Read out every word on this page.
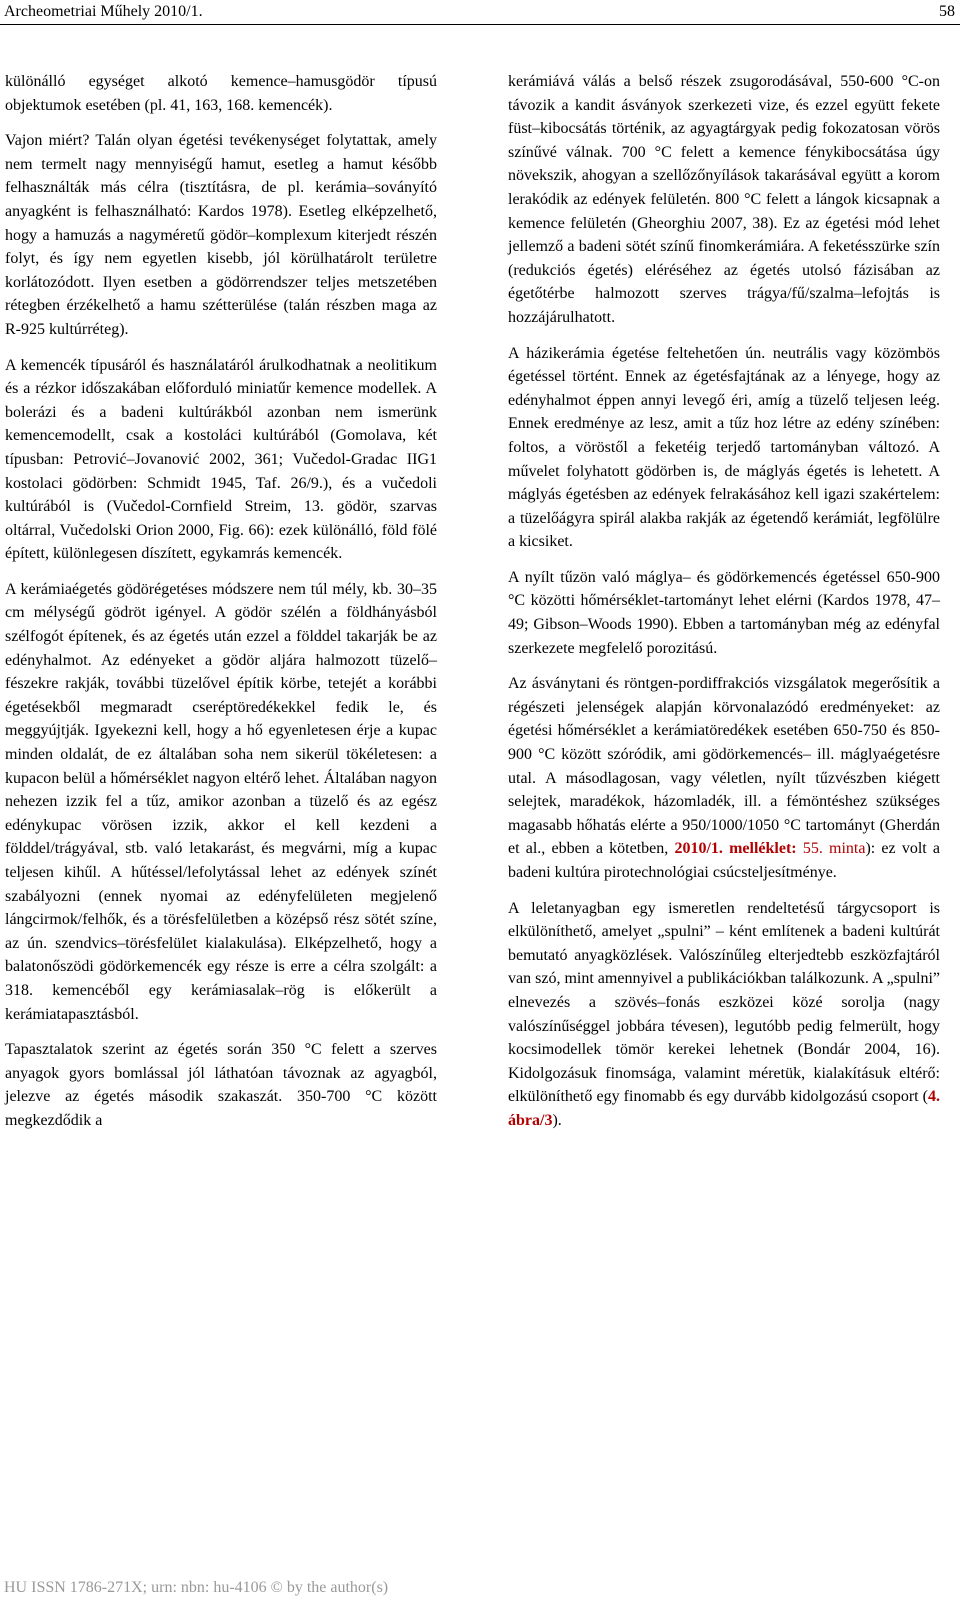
Archeometriai Műhely 2010/1.	58

különálló egységet alkotó kemence–hamusgödör típusú objektumok esetében (pl. 41, 163, 168. kemencék).

Vajon miért? Talán olyan égetési tevékenységet folytattak, amely nem termelt nagy mennyiségű hamut, esetleg a hamut később felhasználták más célra (tisztításra, de pl. kerámia–soványító anyagként is felhasználható: Kardos 1978). Esetleg elképzelhető, hogy a hamuzás a nagyméretű gödör–komplexum kiterjedt részén folyt, és így nem egyetlen kisebb, jól körülhatárolt területre korlátozódott. Ilyen esetben a gödörrendszer teljes metszetében rétegben érzékelhető a hamu szétterülése (talán részben maga az R-925 kultúrréteg).

A kemencék típusáról és használatáról árulkodhatnak a neolitikum és a rézkor időszakában előforduló miniatűr kemence modellek. A bolerázi és a badeni kultúrákból azonban nem ismerünk kemencemodellt, csak a kostoláci kultúrából (Gomolava, két típusban: Petrović–Jovanović 2002, 361; Vučedol-Gradac IIG1 kostolaci gödörben: Schmidt 1945, Taf. 26/9.), és a vučedoli kultúrából is (Vučedol-Cornfield Streim, 13. gödör, szarvas oltárral, Vučedolski Orion 2000, Fig. 66): ezek különálló, föld fölé épített, különlegesen díszített, egykamrás kemencék.

A kerámiaégetés gödörégetéses módszere nem túl mély, kb. 30–35 cm mélységű gödröt igényel. A gödör szélén a földhányásból szélfogót építenek, és az égetés után ezzel a földdel takarják be az edényhalmot. Az edényeket a gödör aljára halmozott tüzelő–fészekre rakják, további tüzelővel építik körbe, tetejét a korábbi égetésekből megmaradt cseréptöredékekkel fedik le, és meggyújtják. Igyekezni kell, hogy a hő egyenletesen érje a kupac minden oldalát, de ez általában soha nem sikerül tökéletesen: a kupacon belül a hőmérséklet nagyon eltérő lehet. Általában nagyon nehezen izzik fel a tűz, amikor azonban a tüzelő és az egész edénykupac vörösen izzik, akkor el kell kezdeni a földdel/trágyával, stb. való letakarást, és megvárni, míg a kupac teljesen kihűl. A hűtéssel/lefolytással lehet az edények színét szabályozni (ennek nyomai az edényfelületen megjelenő lángcirmok/felhők, és a törésfelületben a középső rész sötét színe, az ún. szendvics–törésfelület kialakulása). Elképzelhető, hogy a balatonőszödi gödörkemencék egy része is erre a célra szolgált: a 318. kemencéből egy kerámiasalak–rög is előkerült a kerámiatapasztásból.

Tapasztalatok szerint az égetés során 350 °C felett a szerves anyagok gyors bomlással jól láthatóan távoznak az agyagból, jelezve az égetés második szakaszát. 350-700 °C között megkezdődik a

kerámiává válás a belső részek zsugorodásával, 550-600 °C-on távozik a kandit ásványok szerkezeti vize, és ezzel együtt fekete füst–kibocsátás történik, az agyagtárgyak pedig fokozatosan vörös színűvé válnak. 700 °C felett a kemence fénykibocsátása úgy növekszik, ahogyan a szellőzőnyílások takarásával együtt a korom lerakódik az edények felületén. 800 °C felett a lángok kicsapnak a kemence felületén (Gheorghiu 2007, 38). Ez az égetési mód lehet jellemző a badeni sötét színű finomkerámiára. A feketésszürke szín (redukciós égetés) eléréséhez az égetés utolsó fázisában az égetőtérbe halmozott szerves trágya/fű/szalma–lefojtás is hozzájárulhatott.

A házikerámia égetése feltehetően ún. neutrális vagy közömbös égetéssel történt. Ennek az égetésfajtának az a lényege, hogy az edényhalmot éppen annyi levegő éri, amíg a tüzelő teljesen leég. Ennek eredménye az lesz, amit a tűz hoz létre az edény színében: foltos, a vöröstől a feketéig terjedő tartományban változó. A művelet folyhatott gödörben is, de máglyás égetés is lehetett. A máglyás égetésben az edények felrakásához kell igazi szakértelem: a tüzelőágyra spirál alakba rakják az égetendő kerámiát, legfölülre a kicsiket.

A nyílt tűzön való máglya– és gödörkemencés égetéssel 650-900 °C közötti hőmérséklet-tartományt lehet elérni (Kardos 1978, 47–49; Gibson–Woods 1990). Ebben a tartományban még az edényfal szerkezete megfelelő porozitású.

Az ásványtani és röntgen-pordiffrakciós vizsgálatok megerősítik a régészeti jelenségek alapján körvonalazódó eredményeket: az égetési hőmérséklet a kerámiatöredékek esetében 650-750 és 850-900 °C között szóródik, ami gödörkemencés– ill. máglyaégetésre utal. A másodlagosan, vagy véletlen, nyílt tűzvészben kiégett selejtek, maradékok, házomladék, ill. a fémöntéshez szükséges magasabb hőhatás elérte a 950/1000/1050 °C tartományt (Gherdán et al., ebben a kötetben, 2010/1. melléklet: 55. minta): ez volt a badeni kultúra pirotechnológiai csúcsteljesítménye.

A leletanyagban egy ismeretlen rendeltetésű tárgycsoport is elkülöníthető, amelyet „spulni” – ként említenek a badeni kultúrát bemutató anyagközlések. Valószínűleg elterjedtebb eszközfajtáról van szó, mint amennyivel a publikációkban találkozunk. A „spulni” elnevezés a szövés–fonás eszközei közé sorolja (nagy valószínűséggel jobbára tévesen), legutóbb pedig felmerült, hogy kocsimodellek tömör kerekei lehetnek (Bondár 2004, 16). Kidolgozásuk finomsága, valamint méretük, kialakításuk eltérő: elkülöníthető egy finomabb és egy durvább kidolgozású csoport (4. ábra/3).

HU ISSN 1786-271X; urn: nbn: hu-4106 © by the author(s)
